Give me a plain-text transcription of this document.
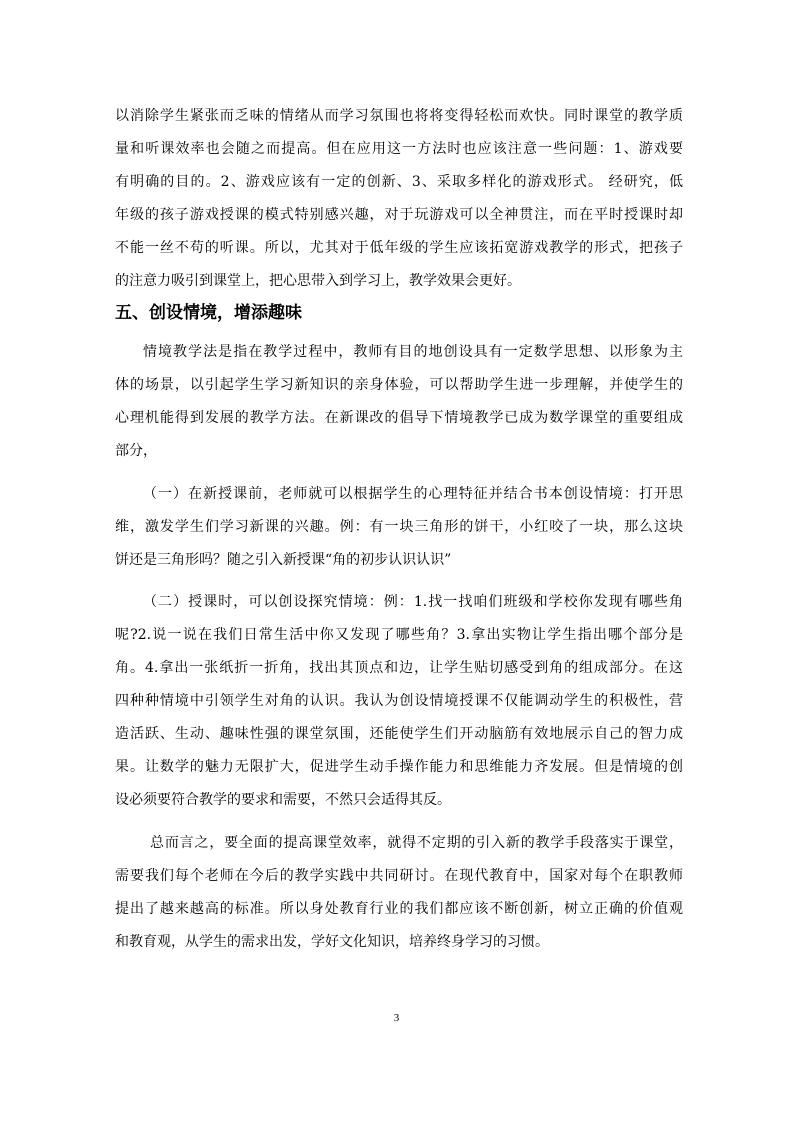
以消除学生紧张而乏味的情绪从而学习氛围也将将变得轻松而欢快。同时课堂的教学质
量和听课效率也会随之而提高。但在应用这一方法时也应该注意一些问题：1、游戏要
有明确的目的。2、游戏应该有一定的创新、3、采取多样化的游戏形式。 经研究，低
年级的孩子游戏授课的模式特别感兴趣，对于玩游戏可以全神贯注，而在平时授课时却
不能一丝不苟的听课。所以，尤其对于低年级的学生应该拓宽游戏教学的形式，把孩子
的注意力吸引到课堂上，把心思带入到学习上，教学效果会更好。
五、创设情境，增添趣味
情境教学法是指在教学过程中，教师有目的地创设具有一定数学思想、以形象为主
体的场景，以引起学生学习新知识的亲身体验，可以帮助学生进一步理解，并使学生的
心理机能得到发展的教学方法。在新课改的倡导下情境教学已成为数学课堂的重要组成
部分，
（一）在新授课前，老师就可以根据学生的心理特征并结合书本创设情境：打开思
维，激发学生们学习新课的兴趣。例：有一块三角形的饼干，小红咬了一块，那么这块
饼还是三角形吗？随之引入新授课“角的初步认识认识”
（二）授课时，可以创设探究情境：例：1.找一找咱们班级和学校你发现有哪些角
呢?2.说一说在我们日常生活中你又发现了哪些角？3.拿出实物让学生指出哪个部分是
角。4.拿出一张纸折一折角，找出其顶点和边，让学生贴切感受到角的组成部分。在这
四种种情境中引领学生对角的认识。我认为创设情境授课不仅能调动学生的积极性，营
造活跃、生动、趣味性强的课堂氛围，还能使学生们开动脑筋有效地展示自己的智力成
果。让数学的魅力无限扩大，促进学生动手操作能力和思维能力齐发展。但是情境的创
设必须要符合教学的要求和需要，不然只会适得其反。
总而言之，要全面的提高课堂效率，就得不定期的引入新的教学手段落实于课堂，
需要我们每个老师在今后的教学实践中共同研讨。在现代教育中，国家对每个在职教师
提出了越来越高的标准。所以身处教育行业的我们都应该不断创新，树立正确的价值观
和教育观，从学生的需求出发，学好文化知识，培养终身学习的习惯。
3
